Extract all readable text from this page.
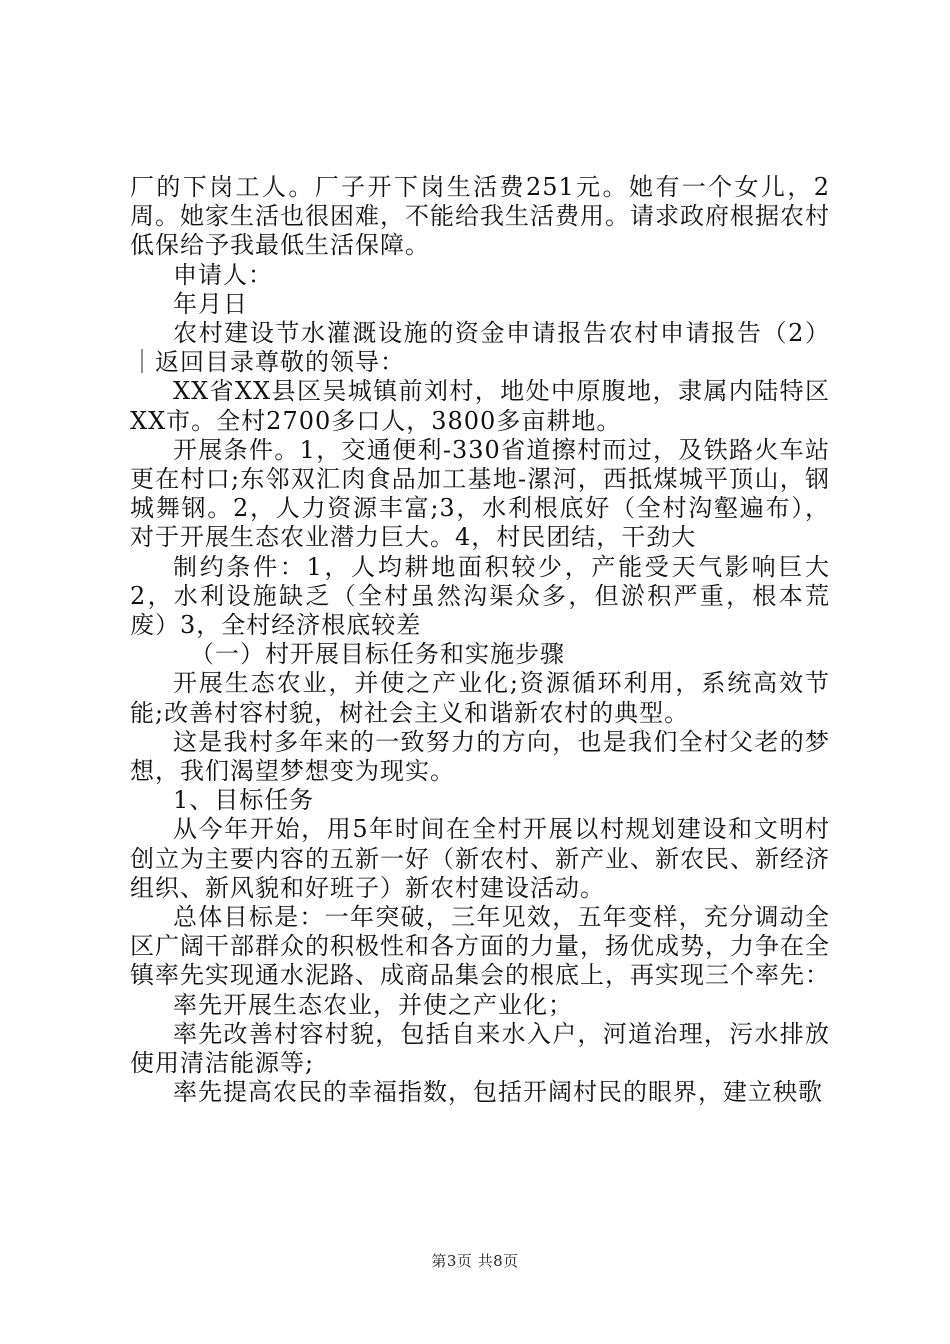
厂的下岗工人。厂子开下岗生活费251元。她有一个女儿，2周。她家生活也很困难，不能给我生活费用。请求政府根据农村低保给予我最低生活保障。

申请人：

年月日

农村建设节水灌溉设施的资金申请报告农村申请报告（2）｜返回目录尊敬的领导：

XX省XX县区吴城镇前刘村，地处中原腹地，隶属内陆特区XX市。全村2700多口人，3800多亩耕地。

开展条件。1，交通便利-330省道擦村而过，及铁路火车站更在村口;东邻双汇肉食品加工基地-漯河，西抵煤城平顶山，钢城舞钢。2，人力资源丰富;3，水利根底好（全村沟壑遍布），对于开展生态农业潜力巨大。4，村民团结，干劲大

制约条件：1，人均耕地面积较少，产能受天气影响巨大2，水利设施缺乏（全村虽然沟渠众多，但淤积严重，根本荒废）3，全村经济根底较差

（一）村开展目标任务和实施步骤

开展生态农业，并使之产业化;资源循环利用，系统高效节能;改善村容村貌，树社会主义和谐新农村的典型。

这是我村多年来的一致努力的方向，也是我们全村父老的梦想，我们渴望梦想变为现实。

1、目标任务

从今年开始，用5年时间在全村开展以村规划建设和文明村创立为主要内容的五新一好（新农村、新产业、新农民、新经济组织、新风貌和好班子）新农村建设活动。

总体目标是：一年突破，三年见效，五年变样，充分调动全区广阔干部群众的积极性和各方面的力量，扬优成势，力争在全镇率先实现通水泥路、成商品集会的根底上，再实现三个率先：

率先开展生态农业，并使之产业化；

率先改善村容村貌，包括自来水入户，河道治理，污水排放使用清洁能源等;

率先提高农民的幸福指数，包括开阔村民的眼界，建立秧歌

第3页 共8页
